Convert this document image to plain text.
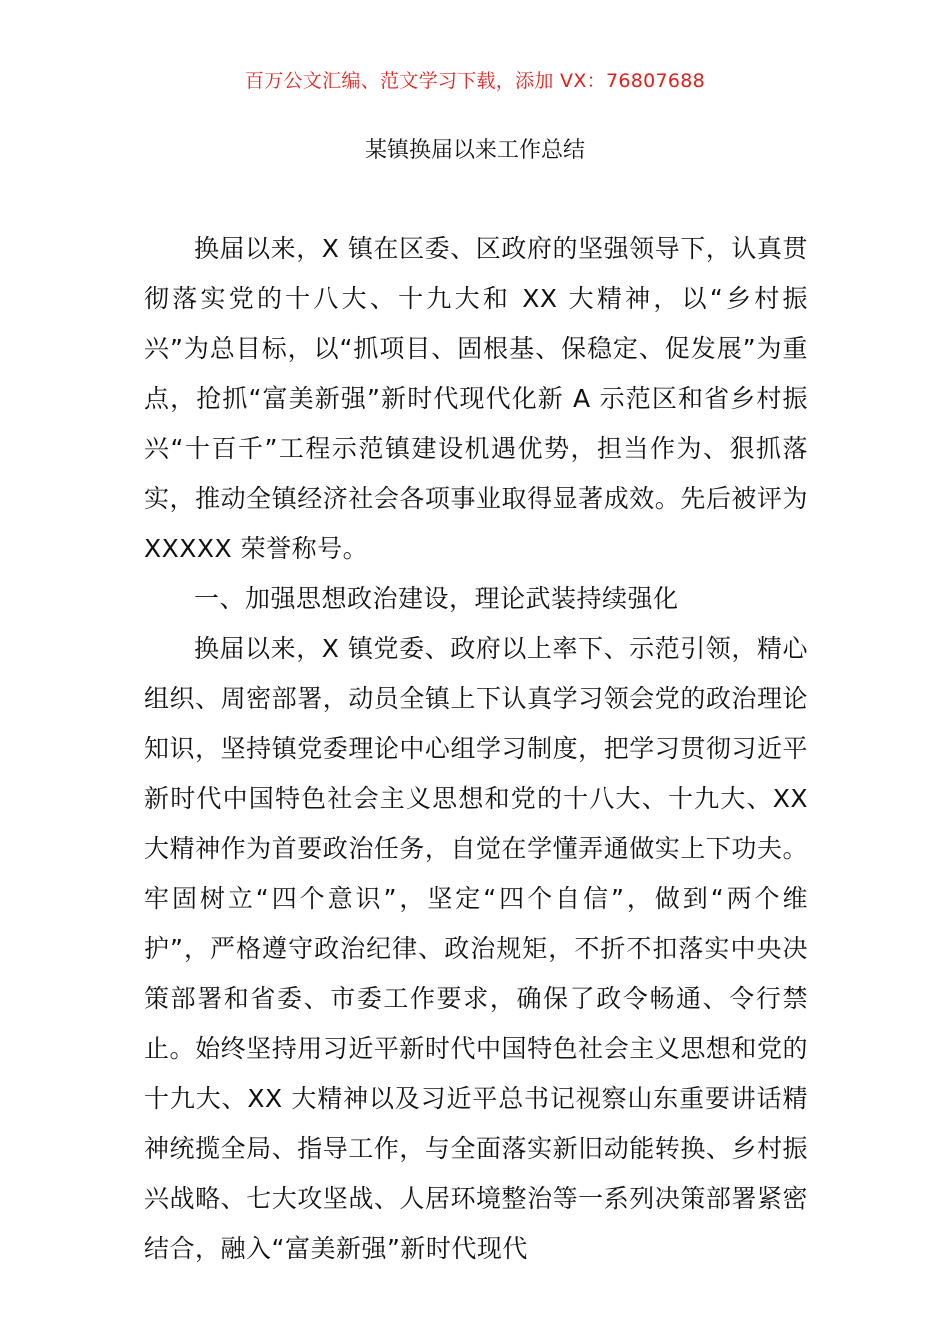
百万公文汇编、范文学习下载，添加 VX：76807688
某镇换届以来工作总结

换届以来，X 镇在区委、区政府的坚强领导下，认真贯彻落实党的十八大、十九大和 XX 大精神，以“乡村振兴”为总目标，以“抓项目、固根基、保稳定、促发展”为重点，抢抓“富美新强”新时代现代化新 A 示范区和省乡村振兴“十百千”工程示范镇建设机遇优势，担当作为、狠抓落实，推动全镇经济社会各项事业取得显著成效。先后被评为 XXXXX 荣誉称号。

一、加强思想政治建设，理论武装持续强化

换届以来，X 镇党委、政府以上率下、示范引领，精心组织、周密部署，动员全镇上下认真学习领会党的政治理论知识，坚持镇党委理论中心组学习制度，把学习贯彻习近平新时代中国特色社会主义思想和党的十八大、十九大、XX 大精神作为首要政治任务，自觉在学懂弄通做实上下功夫。牢固树立“四个意识”，坚定“四个自信”，做到“两个维护”，严格遵守政治纪律、政治规矩，不折不扣落实中央决策部署和省委、市委工作要求，确保了政令畅通、令行禁止。始终坚持用习近平新时代中国特色社会主义思想和党的十九大、XX 大精神以及习近平总书记视察山东重要讲话精神统揽全局、指导工作，与全面落实新旧动能转换、乡村振兴战略、七大攻坚战、人居环境整治等一系列决策部署紧密结合，融入“富美新强”新时代现代
